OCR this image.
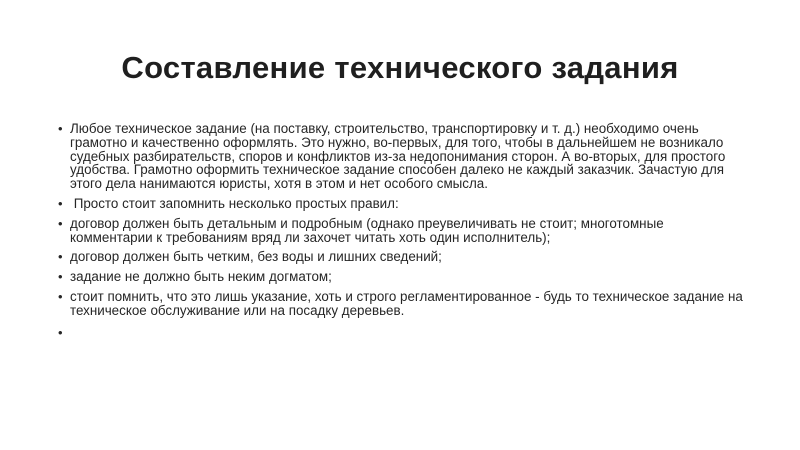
Составление технического задания
• Любое техническое задание (на поставку, строительство, транспортировку и т. д.) необходимо очень грамотно и качественно оформлять. Это нужно, во-первых, для того, чтобы в дальнейшем не возникало судебных разбирательств, споров и конфликтов из-за недопонимания сторон. А во-вторых, для простого удобства. Грамотно оформить техническое задание способен далеко не каждый заказчик. Зачастую для этого дела нанимаются юристы, хотя в этом и нет особого смысла.
• Просто стоит запомнить несколько простых правил:
• договор должен быть детальным и подробным (однако преувеличивать не стоит; многотомные комментарии к требованиям вряд ли захочет читать хоть один исполнитель);
• договор должен быть четким, без воды и лишних сведений;
• задание не должно быть неким догматом;
• стоит помнить, что это лишь указание, хоть и строго регламентированное - будь то техническое задание на техническое обслуживание или на посадку деревьев.
•
